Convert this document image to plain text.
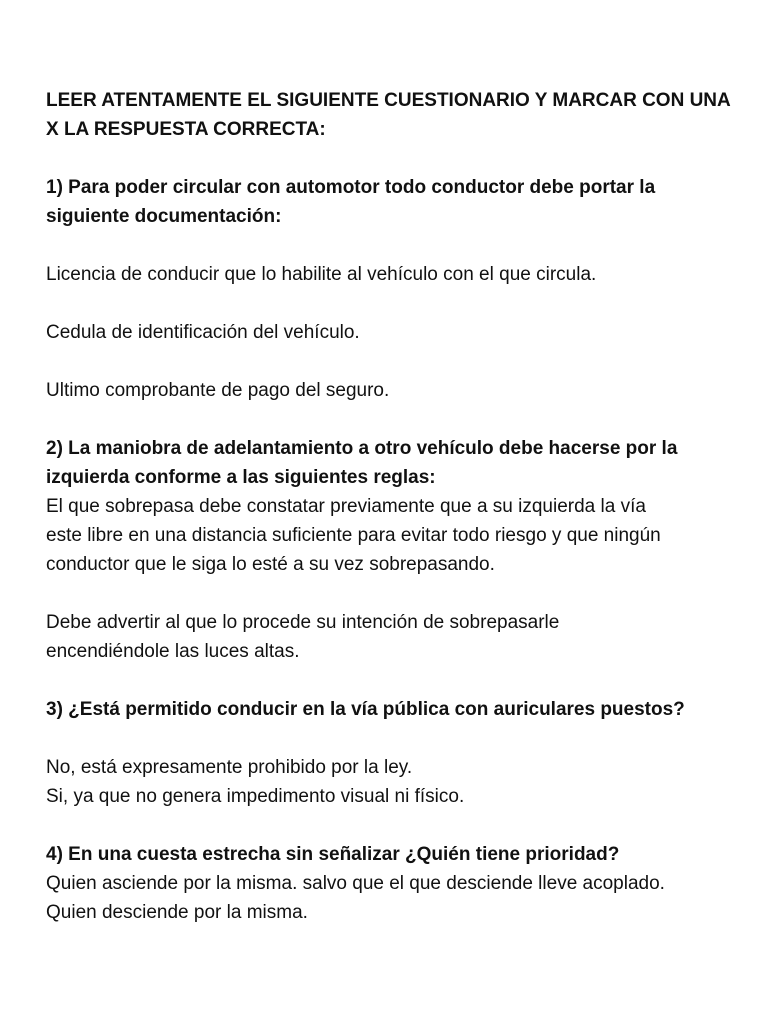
LEER ATENTAMENTE EL SIGUIENTE CUESTIONARIO Y MARCAR CON UNA
X LA RESPUESTA CORRECTA:
1) Para poder circular con automotor todo conductor debe portar la
siguiente documentación:
Licencia de conducir que lo habilite al vehículo con el que circula.
Cedula de identificación del vehículo.
Ultimo comprobante de pago del seguro.
2) La maniobra de adelantamiento a otro vehículo debe hacerse por la
izquierda conforme a las siguientes reglas:
El que sobrepasa debe constatar previamente que a su izquierda la vía
este libre en una distancia suficiente para evitar todo riesgo y que ningún
conductor que le siga lo esté a su vez sobrepasando.
Debe advertir al que lo procede su intención de sobrepasarle
encendiéndole las luces altas.
3) ¿Está permitido conducir en la vía pública con auriculares puestos?
No, está expresamente prohibido por la ley.
Si, ya que no genera impedimento visual ni físico.
4) En una cuesta estrecha sin señalizar ¿Quién tiene prioridad?
Quien asciende por la misma. salvo que el que desciende lleve acoplado.
Quien desciende por la misma.
